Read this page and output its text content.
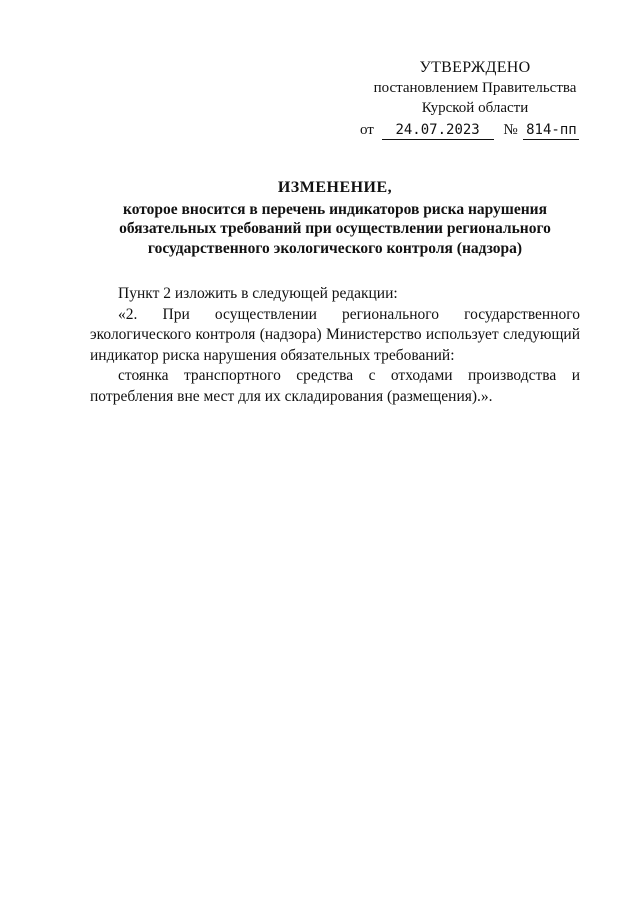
УТВЕРЖДЕНО
постановлением Правительства
Курской области
от 24.07.2023 № 814-пп
ИЗМЕНЕНИЕ,
которое вносится в перечень индикаторов риска нарушения
обязательных требований при осуществлении регионального
государственного экологического контроля (надзора)
Пункт 2 изложить в следующей редакции:
«2. При осуществлении регионального государственного
экологического контроля (надзора) Министерство использует следующий
индикатор риска нарушения обязательных требований:
стоянка транспортного средства с отходами производства и
потребления вне мест для их складирования (размещения).».
